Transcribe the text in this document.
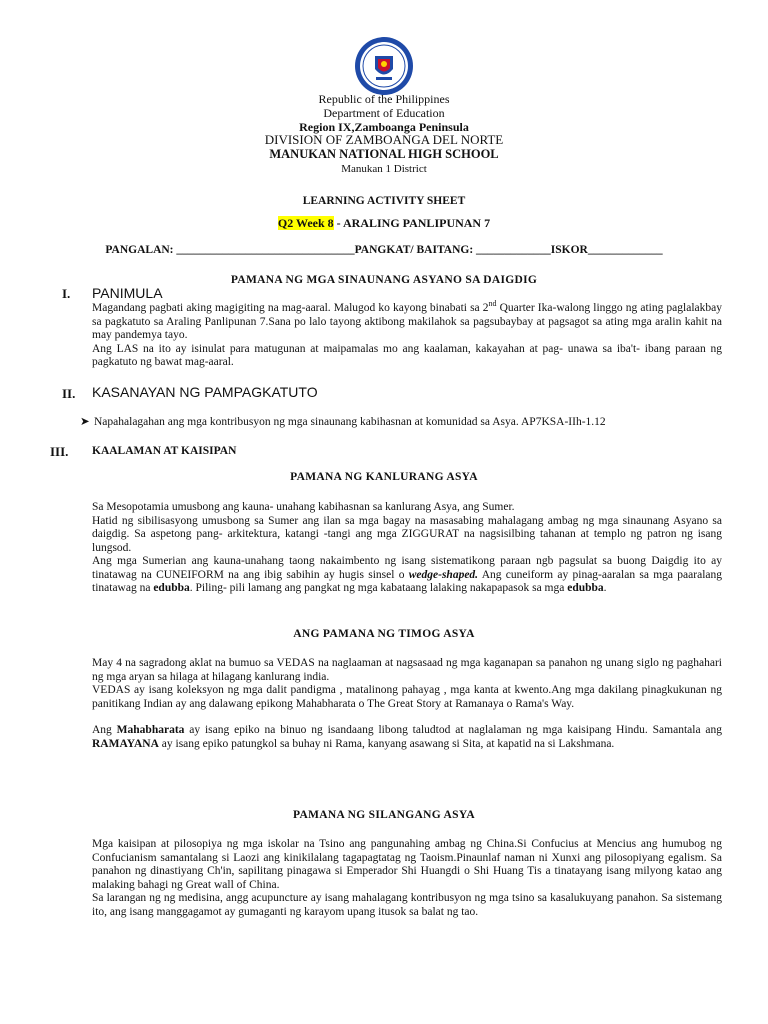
Republic of the Philippines
Department of Education
Region IX,Zamboanga Peninsula
DIVISION OF ZAMBOANGA DEL NORTE
MANUKAN NATIONAL HIGH SCHOOL
Manukan 1 District
LEARNING ACTIVITY SHEET
Q2 Week 8 - ARALING PANLIPUNAN 7
PANGALAN: _______________________________PANGKAT/ BAITANG: _____________ISKOR_____________
PAMANA NG MGA SINAUNANG ASYANO SA DAIGDIG
I. PANIMULA

Magandang pagbati aking magigiting na mag-aaral. Malugod ko kayong binabati sa 2nd Quarter Ika-walong linggo ng ating paglalakbay sa pagkatuto sa Araling Panlipunan 7.Sana po lalo tayong aktibong makilahok sa pagsubaybay at pagsagot sa ating mga aralin kahit na may pandemya tayo.

Ang LAS na ito ay isinulat para matugunan at maipamalas mo ang kaalaman, kakayahan at pag- unawa sa iba't- ibang paraan ng pagkatuto ng bawat mag-aaral.

II. KASANAYAN NG PAMPAGKATUTO
➤ Napahalagahan ang mga kontribusyon ng mga sinaunang kabihasnan at komunidad sa Asya. AP7KSA-IIh-1.12
III. KAALAMAN AT KAISIPAN
PAMANA NG KANLURANG ASYA

Sa Mesopotamia umusbong ang kauna- unahang kabihasnan sa kanlurang Asya, ang Sumer.

Hatid ng sibilisasyong umusbong sa Sumer ang ilan sa mga bagay na masasabing mahalagang ambag ng mga sinaunang Asyano sa daigdig. Sa aspetong pang- arkitektura, katangi -tangi ang mga ZIGGURAT na nagsisilbing tahanan at templo ng patron ng isang lungsod.

Ang mga Sumerian ang kauna-unahang taong nakaimbento ng isang sistematikong paraan ngb pagsulat sa buong Daigdig ito ay tinatawag na CUNEIFORM na ang ibig sabihin ay hugis sinsel o wedge-shaped. Ang cuneiform ay pinag-aaralan sa mga paaralang tinatawag na edubba. Piling- pili lamang ang pangkat ng mga kabataang lalaking nakapapasok sa mga edubba.

ANG PAMANA NG TIMOG ASYA

May 4 na sagradong aklat na bumuo sa VEDAS na naglaaman at nagsasaad ng mga kaganapan sa panahon ng unang siglo ng paghahari ng mga aryan sa hilaga at hilagang kanlurang india.

VEDAS ay isang koleksyon ng mga dalit pandigma , matalinong pahayag , mga kanta at kwento.Ang mga dakilang pinagkukunan ng panitikang Indian ay ang dalawang epikong Mahabharata o The Great Story at Ramanaya o Rama's Way.

Ang Mahabharata ay isang epiko na binuo ng isandaang libong taludtod at naglalaman ng mga kaisipang Hindu. Samantala ang RAMAYANA ay isang epiko patungkol sa buhay ni Rama, kanyang asawang si Sita, at kapatid na si Lakshmana.

PAMANA NG SILANGANG ASYA

Mga kaisipan at pilosopiya ng mga iskolar na Tsino ang pangunahing ambag ng China.Si Confucius at Mencius ang humubog ng Confucianism samantalang si Laozi ang kinikilalang tagapagtatag ng Taoism.Pinaunlaf naman ni Xunxi ang pilosopiyang egalism. Sa panahon ng dinastiyang Ch'in, sapilitang pinagawa si Emperador Shi Huangdi o Shi Huang Tis a tinatayang isang milyong katao ang malaking bahagi ng Great wall of China.

Sa larangan ng ng medisina, angg acupuncture ay isang mahalagang kontribusyon ng mga tsino sa kasalukuyang panahon. Sa sistemang ito, ang isang manggagamot ay gumaganti ng karayom upang itusok sa balat ng tao.
